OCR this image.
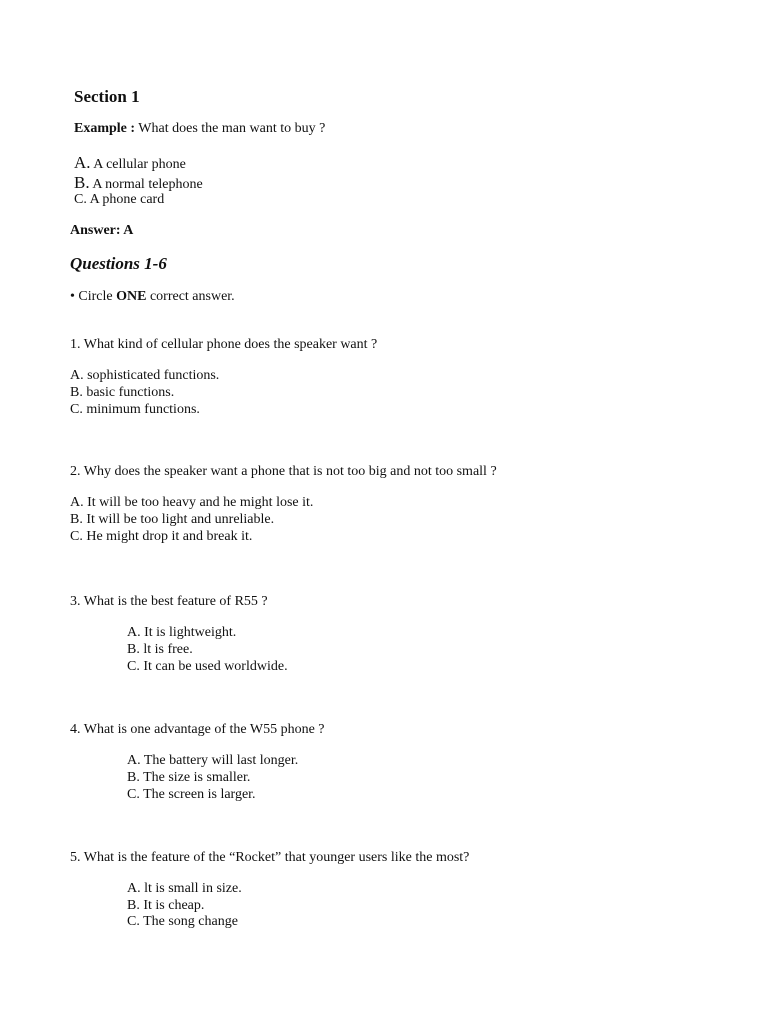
Section 1
Example : What does the man want to buy ?
A. A cellular phone
B. A normal telephone
C. A phone card
Answer: A
Questions 1-6
• Circle ONE correct answer.
1. What kind of cellular phone does the speaker want ?
A. sophisticated functions.
B. basic functions.
C. minimum functions.
2. Why does the speaker want a phone that is not too big and not too small ?
A. It will be too heavy and he might lose it.
B. It will be too light and unreliable.
C. He might drop it and break it.
3. What is the best feature of R55 ?
A. It is lightweight.
B. lt is free.
C. It can be used worldwide.
4. What is one advantage of the W55 phone ?
A. The battery will last longer.
B. The size is smaller.
C. The screen is larger.
5. What is the feature of the “Rocket” that younger users like the most?
A. lt is small in size.
B. It is cheap.
C. The song change
